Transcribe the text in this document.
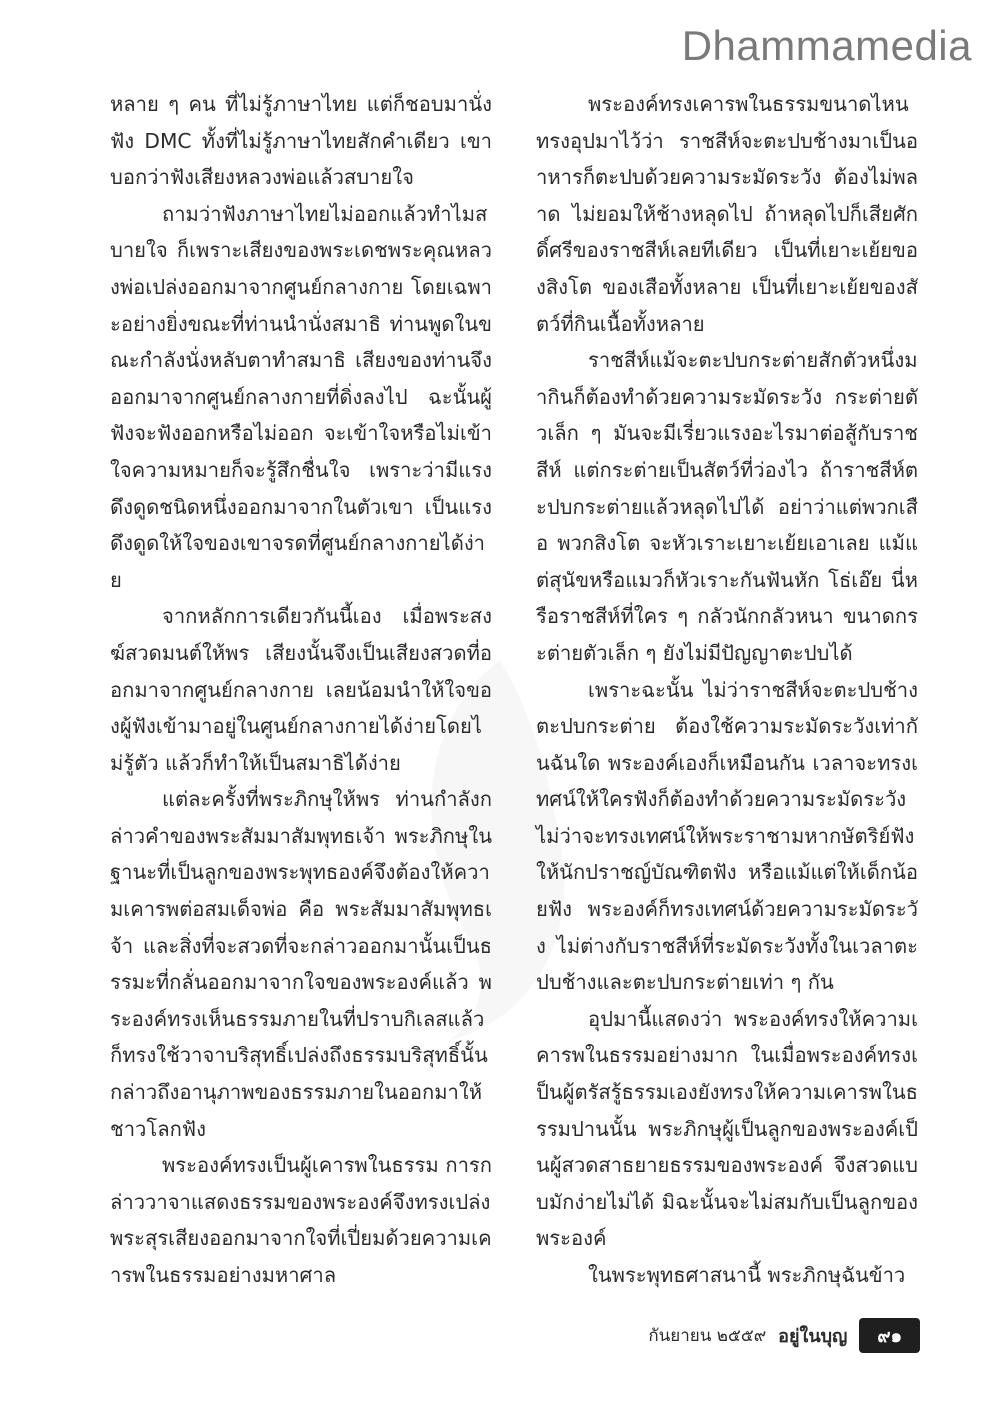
Dhammamedia

หลาย ๆ คน ที่ไม่รู้ภาษาไทย แต่ก็ชอบมานั่งฟัง DMC ทั้งที่ไม่รู้ภาษาไทยสักคำเดียว เขาบอกว่าฟังเสียงหลวงพ่อแล้วสบายใจ

ถามว่าฟังภาษาไทยไม่ออกแล้วทำไมสบายใจ ก็เพราะเสียงของพระเดชพระคุณหลวงพ่อเปล่งออกมาจากศูนย์กลางกาย โดยเฉพาะอย่างยิ่งขณะที่ท่านนำนั่งสมาธิ ท่านพูดในขณะกำลังนั่งหลับตาทำสมาธิ เสียงของท่านจึงออกมาจากศูนย์กลางกายที่ดิ่งลงไป ฉะนั้นผู้ฟังจะฟังออกหรือไม่ออก จะเข้าใจหรือไม่เข้าใจความหมายก็จะรู้สึกชื่นใจ เพราะว่ามีแรงดึงดูดชนิดหนึ่งออกมาจากในตัวเขา เป็นแรงดึงดูดให้ใจของเขาจรดที่ศูนย์กลางกายได้ง่าย

จากหลักการเดียวกันนี้เอง เมื่อพระสงฆ์สวดมนต์ให้พร เสียงนั้นจึงเป็นเสียงสวดที่ออกมาจากศูนย์กลางกาย เลยน้อมนำให้ใจของผู้ฟังเข้ามาอยู่ในศูนย์กลางกายได้ง่ายโดยไม่รู้ตัว แล้วก็ทำให้เป็นสมาธิได้ง่าย

แต่ละครั้งที่พระภิกษุให้พร ท่านกำลังกล่าวคำของพระสัมมาสัมพุทธเจ้า พระภิกษุในฐานะที่เป็นลูกของพระพุทธองค์จึงต้องให้ความเคารพต่อสมเด็จพ่อ คือ พระสัมมาสัมพุทธเจ้า และสิ่งที่จะสวดที่จะกล่าวออกมานั้นเป็นธรรมะที่กลั่นออกมาจากใจของพระองค์แล้ว พระองค์ทรงเห็นธรรมภายในที่ปราบกิเลสแล้วก็ทรงใช้วาจาบริสุทธิ์เปล่งถึงธรรมบริสุทธิ์นั้น กล่าวถึงอานุภาพของธรรมภายในออกมาให้ชาวโลกฟัง

พระองค์ทรงเป็นผู้เคารพในธรรม การกล่าววาจาแสดงธรรมของพระองค์จึงทรงเปล่งพระสุรเสียงออกมาจากใจที่เปี่ยมด้วยความเคารพในธรรมอย่างมหาศาล

พระองค์ทรงเคารพในธรรมขนาดไหน ทรงอุปมาไว้ว่า ราชสีห์จะตะปบช้างมาเป็นอาหารก็ตะปบด้วยความระมัดระวัง ต้องไม่พลาด ไม่ยอมให้ช้างหลุดไป ถ้าหลุดไปก็เสียศักดิ์ศรีของราชสีห์เลยทีเดียว เป็นที่เยาะเย้ยของสิงโต ของเสือทั้งหลาย เป็นที่เยาะเย้ยของสัตว์ที่กินเนื้อทั้งหลาย

ราชสีห์แม้จะตะปบกระต่ายสักตัวหนึ่งมากินก็ต้องทำด้วยความระมัดระวัง กระต่ายตัวเล็ก ๆ มันจะมีเรี่ยวแรงอะไรมาต่อสู้กับราชสีห์ แต่กระต่ายเป็นสัตว์ที่ว่องไว ถ้าราชสีห์ตะปบกระต่ายแล้วหลุดไปได้ อย่าว่าแต่พวกเสือ พวกสิงโต จะหัวเราะเยาะเย้ยเอาเลย แม้แต่สุนัขหรือแมวก็หัวเราะกันฟันหัก โธ่เอ๊ย นี่หรือราชสีห์ที่ใคร ๆ กลัวนักกลัวหนา ขนาดกระต่ายตัวเล็ก ๆ ยังไม่มีปัญญาตะปบได้

เพราะฉะนั้น ไม่ว่าราชสีห์จะตะปบช้างตะปบกระต่าย ต้องใช้ความระมัดระวังเท่ากันฉันใด พระองค์เองก็เหมือนกัน เวลาจะทรงเทศน์ให้ใครฟังก็ต้องทำด้วยความระมัดระวัง ไม่ว่าจะทรงเทศน์ให้พระราชามหากษัตริย์ฟัง ให้นักปราชญ์บัณฑิตฟัง หรือแม้แต่ให้เด็กน้อยฟัง พระองค์ก็ทรงเทศน์ด้วยความระมัดระวัง ไม่ต่างกับราชสีห์ที่ระมัดระวังทั้งในเวลาตะปบช้างและตะปบกระต่ายเท่า ๆ กัน

อุปมานี้แสดงว่า พระองค์ทรงให้ความเคารพในธรรมอย่างมาก ในเมื่อพระองค์ทรงเป็นผู้ตรัสรู้ธรรมเองยังทรงให้ความเคารพในธรรมปานนั้น พระภิกษุผู้เป็นลูกของพระองค์เป็นผู้สวดสาธยายธรรมของพระองค์ จึงสวดแบบมักง่ายไม่ได้ มิฉะนั้นจะไม่สมกับเป็นลูกของพระองค์

ในพระพุทธศาสนานี้ พระภิกษุฉันข้าว

กันยายน ๒๕๕๙ อยู่ในบุญ	๙๑
